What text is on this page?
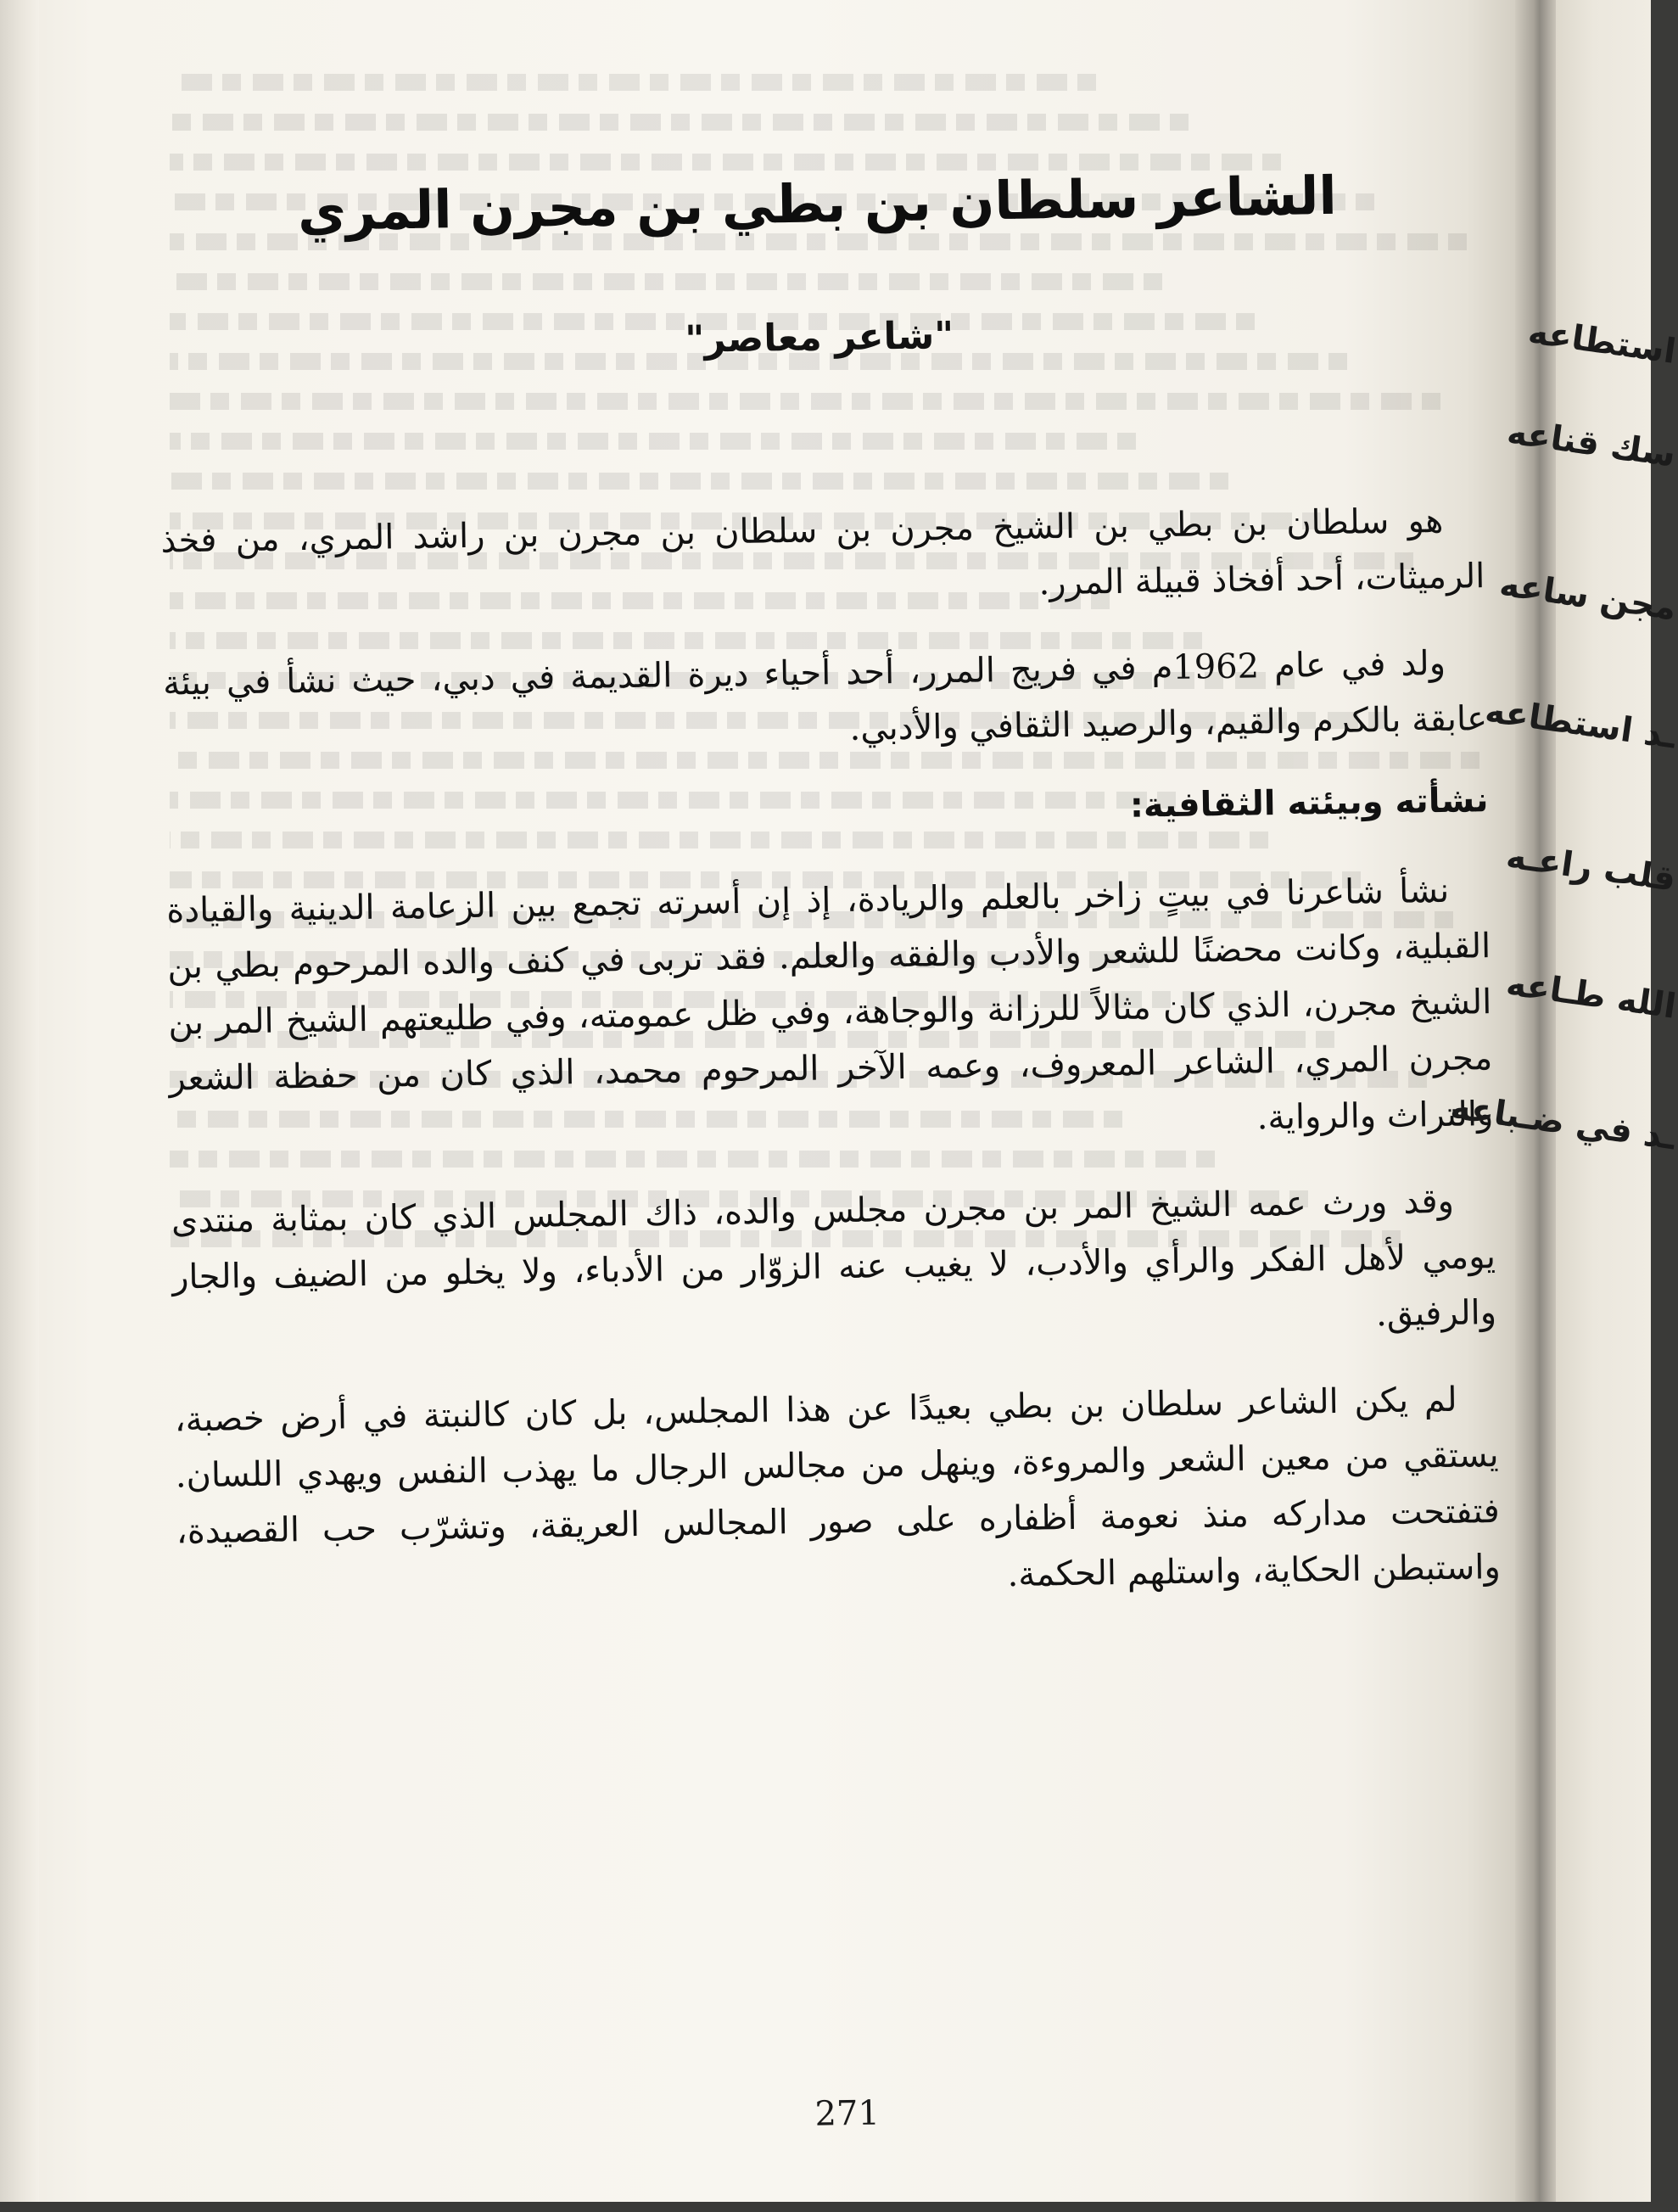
الشاعر سلطان بن بطي بن مجرن المري
"شاعر معاصر"

هو سلطان بن بطي بن الشيخ مجرن بن سلطان بن مجرن بن راشد المري، من فخذ الرميثات، أحد أفخاذ قبيلة المرر.

ولد في عام 1962م في فريج المرر، أحد أحياء ديرة القديمة في دبي، حيث نشأ في بيئة عابقة بالكرم والقيم، والرصيد الثقافي والأدبي.

نشأته وبيئته الثقافية:

نشأ شاعرنا في بيتٍ زاخر بالعلم والريادة، إذ إن أسرته تجمع بين الزعامة الدينية والقيادة القبلية، وكانت محضنًا للشعر والأدب والفقه والعلم. فقد تربى في كنف والده المرحوم بطي بن الشيخ مجرن، الذي كان مثالاً للرزانة والوجاهة، وفي ظل عمومته، وفي طليعتهم الشيخ المر بن مجرن المري، الشاعر المعروف، وعمه الآخر المرحوم محمد، الذي كان من حفظة الشعر والتراث والرواية.

وقد ورث عمه الشيخ المر بن مجرن مجلس والده، ذاك المجلس الذي كان بمثابة منتدى يومي لأهل الفكر والرأي والأدب، لا يغيب عنه الزوّار من الأدباء، ولا يخلو من الضيف والجار والرفيق.

لم يكن الشاعر سلطان بن بطي بعيدًا عن هذا المجلس، بل كان كالنبتة في أرض خصبة، يستقي من معين الشعر والمروءة، وينهل من مجالس الرجال ما يهذب النفس ويهدي اللسان. فتفتحت مداركه منذ نعومة أظفاره على صور المجالس العريقة، وتشرّب حب القصيدة، واستبطن الحكاية، واستلهم الحكمة.

271
استطاعه
سك قناعه
مجن ساعه
ـد استطاعه
قلب راعـه
الله طـاعه
ـد في ضـباعه
